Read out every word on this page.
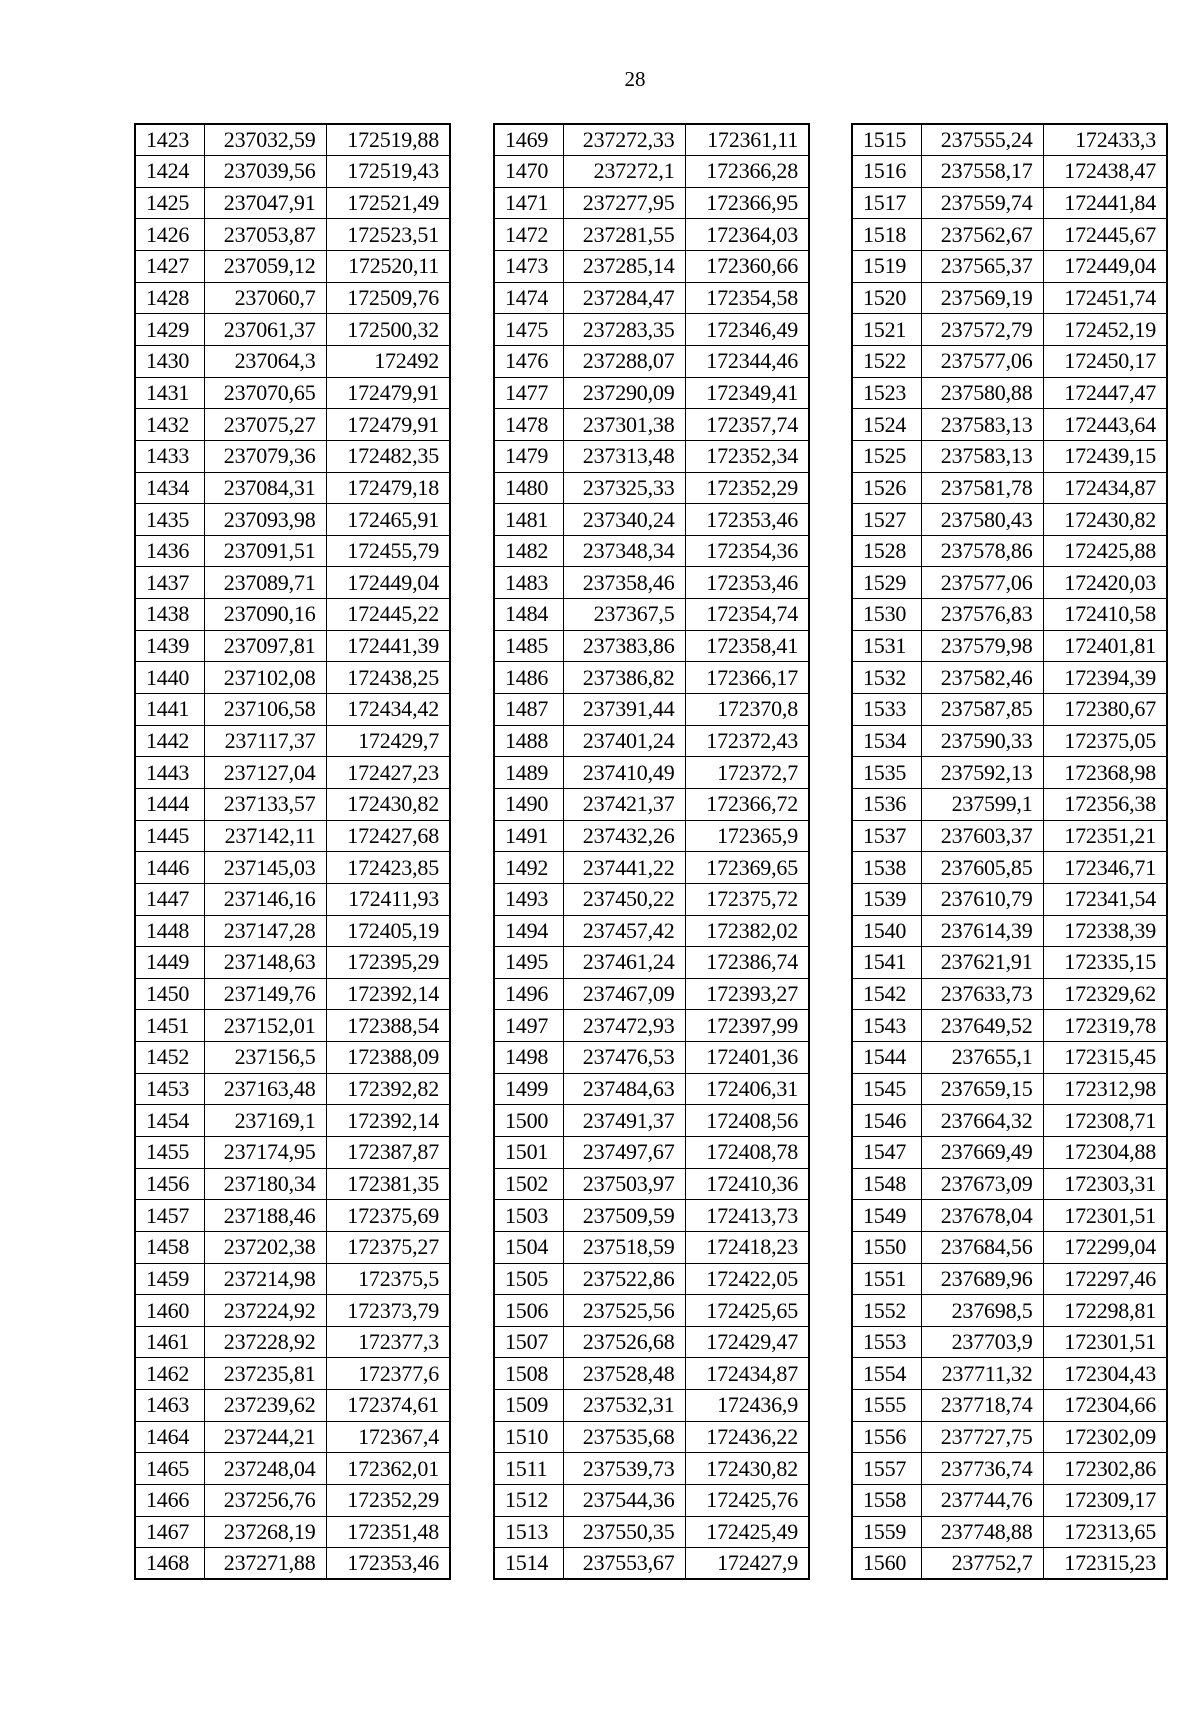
28
1423	237032,59	172519,88
1424	237039,56	172519,43
1425	237047,91	172521,49
1426	237053,87	172523,51
1427	237059,12	172520,11
1428	237060,7	172509,76
1429	237061,37	172500,32
1430	237064,3	172492
1431	237070,65	172479,91
1432	237075,27	172479,91
1433	237079,36	172482,35
1434	237084,31	172479,18
1435	237093,98	172465,91
1436	237091,51	172455,79
1437	237089,71	172449,04
1438	237090,16	172445,22
1439	237097,81	172441,39
1440	237102,08	172438,25
1441	237106,58	172434,42
1442	237117,37	172429,7
1443	237127,04	172427,23
1444	237133,57	172430,82
1445	237142,11	172427,68
1446	237145,03	172423,85
1447	237146,16	172411,93
1448	237147,28	172405,19
1449	237148,63	172395,29
1450	237149,76	172392,14
1451	237152,01	172388,54
1452	237156,5	172388,09
1453	237163,48	172392,82
1454	237169,1	172392,14
1455	237174,95	172387,87
1456	237180,34	172381,35
1457	237188,46	172375,69
1458	237202,38	172375,27
1459	237214,98	172375,5
1460	237224,92	172373,79
1461	237228,92	172377,3
1462	237235,81	172377,6
1463	237239,62	172374,61
1464	237244,21	172367,4
1465	237248,04	172362,01
1466	237256,76	172352,29
1467	237268,19	172351,48
1468	237271,88	172353,46
1469	237272,33	172361,11
1470	237272,1	172366,28
1471	237277,95	172366,95
1472	237281,55	172364,03
1473	237285,14	172360,66
1474	237284,47	172354,58
1475	237283,35	172346,49
1476	237288,07	172344,46
1477	237290,09	172349,41
1478	237301,38	172357,74
1479	237313,48	172352,34
1480	237325,33	172352,29
1481	237340,24	172353,46
1482	237348,34	172354,36
1483	237358,46	172353,46
1484	237367,5	172354,74
1485	237383,86	172358,41
1486	237386,82	172366,17
1487	237391,44	172370,8
1488	237401,24	172372,43
1489	237410,49	172372,7
1490	237421,37	172366,72
1491	237432,26	172365,9
1492	237441,22	172369,65
1493	237450,22	172375,72
1494	237457,42	172382,02
1495	237461,24	172386,74
1496	237467,09	172393,27
1497	237472,93	172397,99
1498	237476,53	172401,36
1499	237484,63	172406,31
1500	237491,37	172408,56
1501	237497,67	172408,78
1502	237503,97	172410,36
1503	237509,59	172413,73
1504	237518,59	172418,23
1505	237522,86	172422,05
1506	237525,56	172425,65
1507	237526,68	172429,47
1508	237528,48	172434,87
1509	237532,31	172436,9
1510	237535,68	172436,22
1511	237539,73	172430,82
1512	237544,36	172425,76
1513	237550,35	172425,49
1514	237553,67	172427,9
1515	237555,24	172433,3
1516	237558,17	172438,47
1517	237559,74	172441,84
1518	237562,67	172445,67
1519	237565,37	172449,04
1520	237569,19	172451,74
1521	237572,79	172452,19
1522	237577,06	172450,17
1523	237580,88	172447,47
1524	237583,13	172443,64
1525	237583,13	172439,15
1526	237581,78	172434,87
1527	237580,43	172430,82
1528	237578,86	172425,88
1529	237577,06	172420,03
1530	237576,83	172410,58
1531	237579,98	172401,81
1532	237582,46	172394,39
1533	237587,85	172380,67
1534	237590,33	172375,05
1535	237592,13	172368,98
1536	237599,1	172356,38
1537	237603,37	172351,21
1538	237605,85	172346,71
1539	237610,79	172341,54
1540	237614,39	172338,39
1541	237621,91	172335,15
1542	237633,73	172329,62
1543	237649,52	172319,78
1544	237655,1	172315,45
1545	237659,15	172312,98
1546	237664,32	172308,71
1547	237669,49	172304,88
1548	237673,09	172303,31
1549	237678,04	172301,51
1550	237684,56	172299,04
1551	237689,96	172297,46
1552	237698,5	172298,81
1553	237703,9	172301,51
1554	237711,32	172304,43
1555	237718,74	172304,66
1556	237727,75	172302,09
1557	237736,74	172302,86
1558	237744,76	172309,17
1559	237748,88	172313,65
1560	237752,7	172315,23
